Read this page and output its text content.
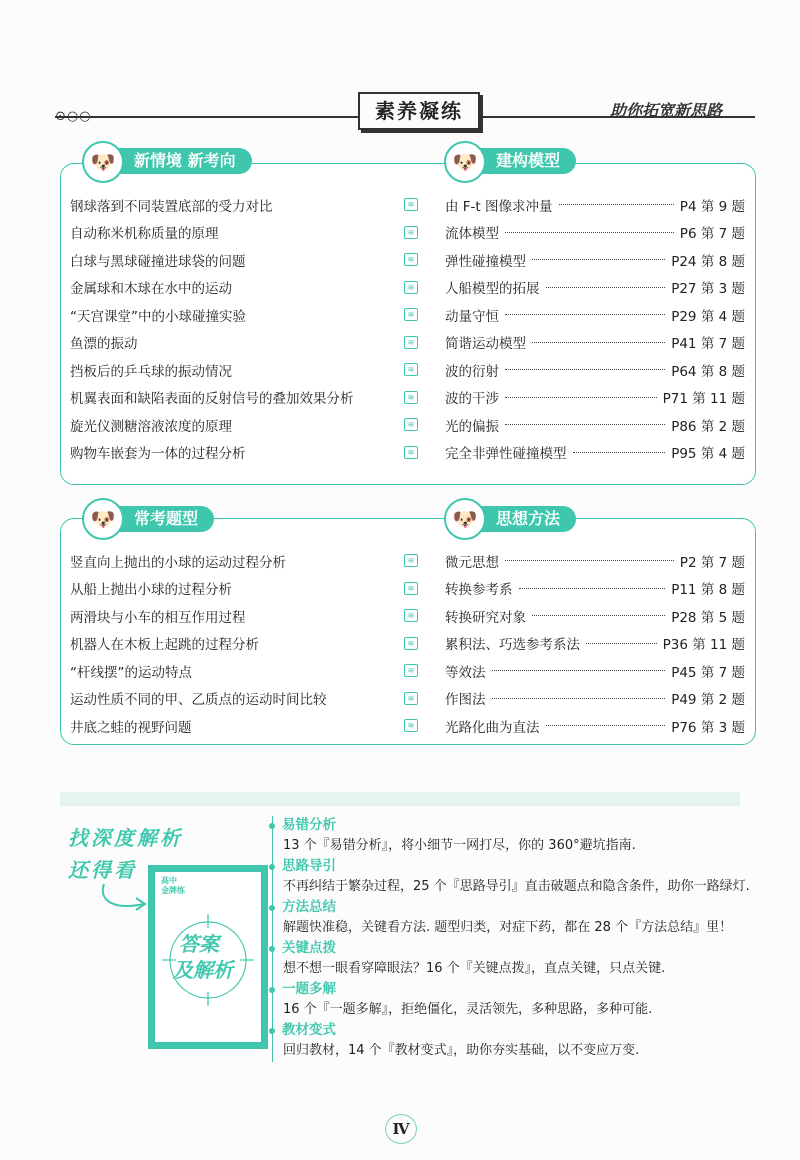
⊙○○	素养凝练	助你拓宽新思路
新情境 新考向
🐶	建构模型
🐶
钢球落到不同装置底部的受力对比	≋
自动称米机称质量的原理	≋
白球与黑球碰撞进球袋的问题	≋
金属球和木球在水中的运动	≋
“天宫课堂”中的小球碰撞实验	≋
鱼漂的振动	≋
挡板后的乒乓球的振动情况	≋
机翼表面和缺陷表面的反射信号的叠加效果分析	≋
旋光仪测糖溶液浓度的原理	≋
购物车嵌套为一体的过程分析	≋
由 F-t 图像求冲量	P4 第 9 题
流体模型	P6 第 7 题
弹性碰撞模型	P24 第 8 题
人船模型的拓展	P27 第 3 题
动量守恒	P29 第 4 题
简谐运动模型	P41 第 7 题
波的衍射	P64 第 8 题
波的干涉	P71 第 11 题
光的偏振	P86 第 2 题
完全非弹性碰撞模型	P95 第 4 题
常考题型
🐶	思想方法
🐶
竖直向上抛出的小球的运动过程分析	≋
从船上抛出小球的过程分析	≋
两滑块与小车的相互作用过程	≋
机器人在木板上起跳的过程分析	≋
“杆线摆”的运动特点	≋
运动性质不同的甲、乙质点的运动时间比较	≋
井底之蛙的视野问题	≋
微元思想	P2 第 7 题
转换参考系	P11 第 8 题
转换研究对象	P28 第 5 题
累积法、巧选参考系法	P36 第 11 题
等效法	P45 第 7 题
作图法	P49 第 2 题
光路化曲为直法	P76 第 3 题
找深度解析
还得看	高中
金牌练
答案
及解析
易错分析
13 个『易错分析』，将小细节一网打尽，你的 360°避坑指南.
思路导引
不再纠结于繁杂过程，25 个『思路导引』直击破题点和隐含条件，助你一路绿灯.
方法总结
解题快准稳，关键看方法. 题型归类，对症下药，都在 28 个『方法总结』里！
关键点拨
想不想一眼看穿障眼法？16 个『关键点拨』，直点关键，只点关键.
一题多解
16 个『一题多解』，拒绝僵化，灵活领先，多种思路，多种可能.
教材变式
回归教材，14 个『教材变式』，助你夯实基础，以不变应万变.
Ⅳ
